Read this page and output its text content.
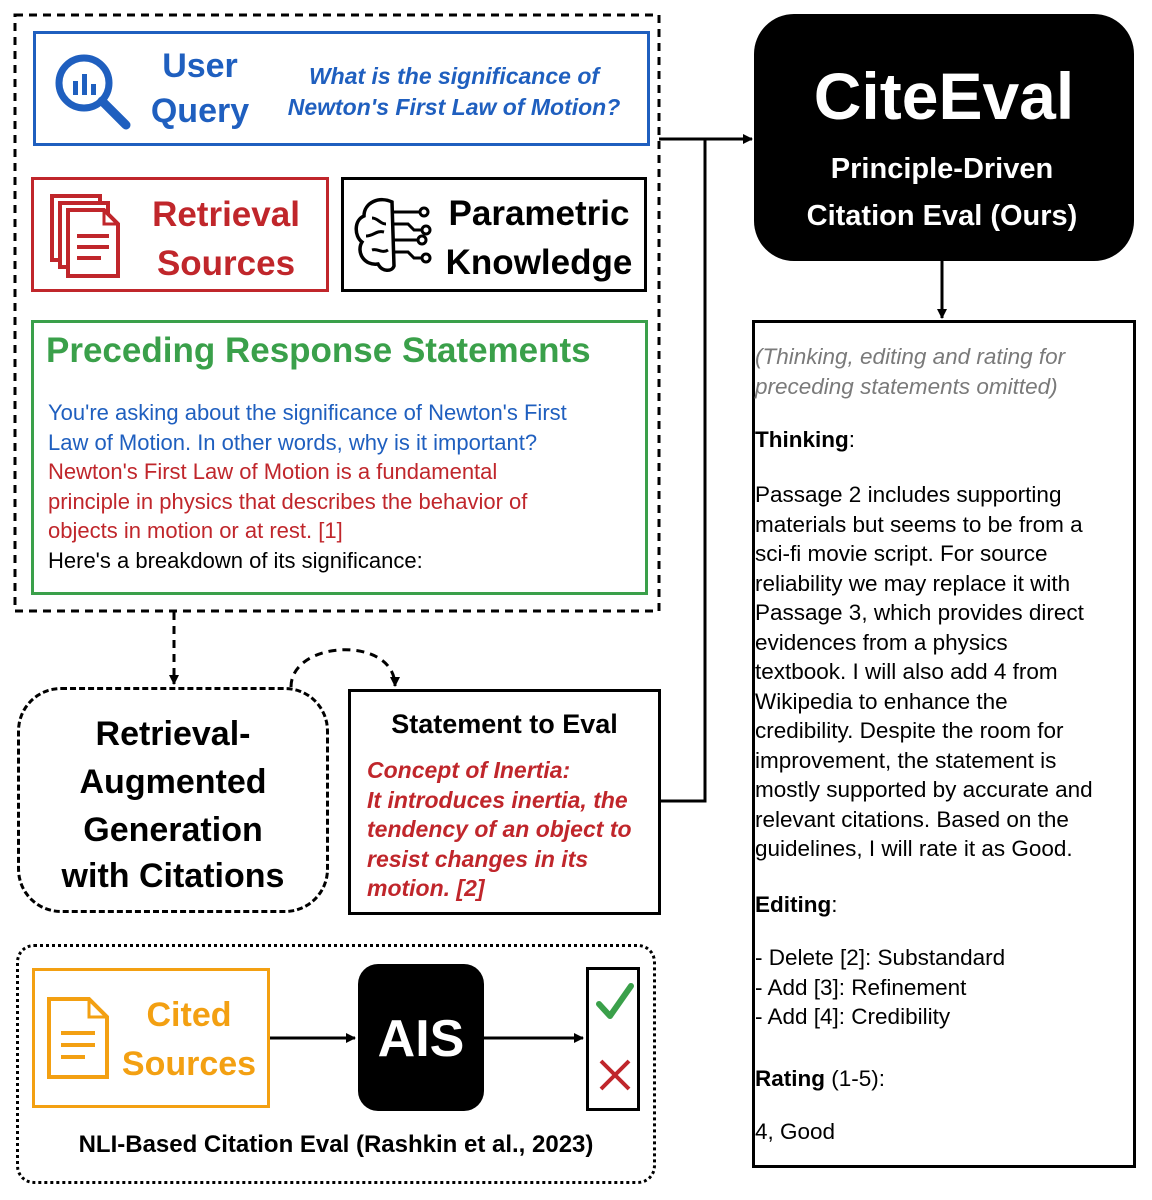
User
Query
What is the significance of
Newton's First Law of Motion?
Retrieval
Sources
Parametric
Knowledge
Preceding Response Statements
You're asking about the significance of Newton's First
Law of Motion. In other words, why is it important?
Newton's First Law of Motion is a fundamental
principle in physics that describes the behavior of
objects in motion or at rest. [1]
Here's a breakdown of its significance:
Retrieval-
Augmented
Generation
with Citations
Statement to Eval
Concept of Inertia:
It introduces inertia, the
tendency of an object to
resist changes in its
motion. [2]
CiteEval
Principle-Driven
Citation Eval (Ours)
(Thinking, editing and rating for
preceding statements omitted)
Thinking:
Passage 2 includes supporting
materials but seems to be from a
sci-fi movie script. For source
reliability we may replace it with
Passage 3, which provides direct
evidences from a physics
textbook. I will also add 4 from
Wikipedia to enhance the
credibility. Despite the room for
improvement, the statement is
mostly supported by accurate and
relevant citations. Based on the
guidelines, I will rate it as Good.
Editing:
- Delete [2]: Substandard
- Add [3]: Refinement
- Add [4]: Credibility
Rating (1-5):
4, Good
NLI-Based Citation Eval (Rashkin et al., 2023)
Cited
Sources	AIS
